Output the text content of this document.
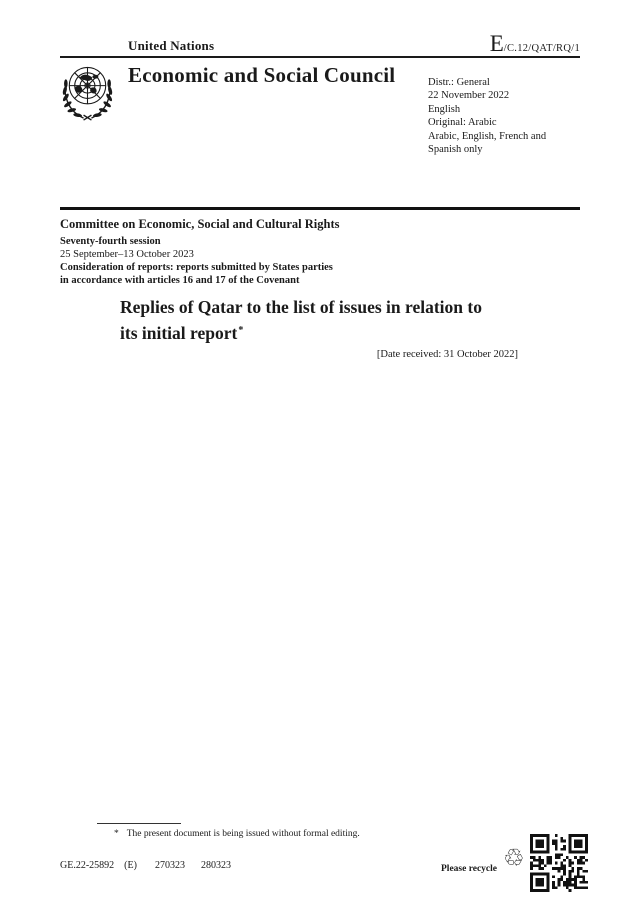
United Nations	E /C.12/QAT/RQ/1
Economic and Social Council	Distr.: General
22 November 2022
English
Original: Arabic
Arabic, English, French and
Spanish only
Committee on Economic, Social and Cultural Rights
Seventy-fourth session
25 September–13 October 2023
Consideration of reports: reports submitted by States parties
in accordance with articles 16 and 17 of the Covenant
Replies of Qatar to the list of issues in relation to
its initial report*
[Date received: 31 October 2022]
* The present document is being issued without formal editing.
GE.22-25892 (E) 270323 280323	Please recycle ♲
